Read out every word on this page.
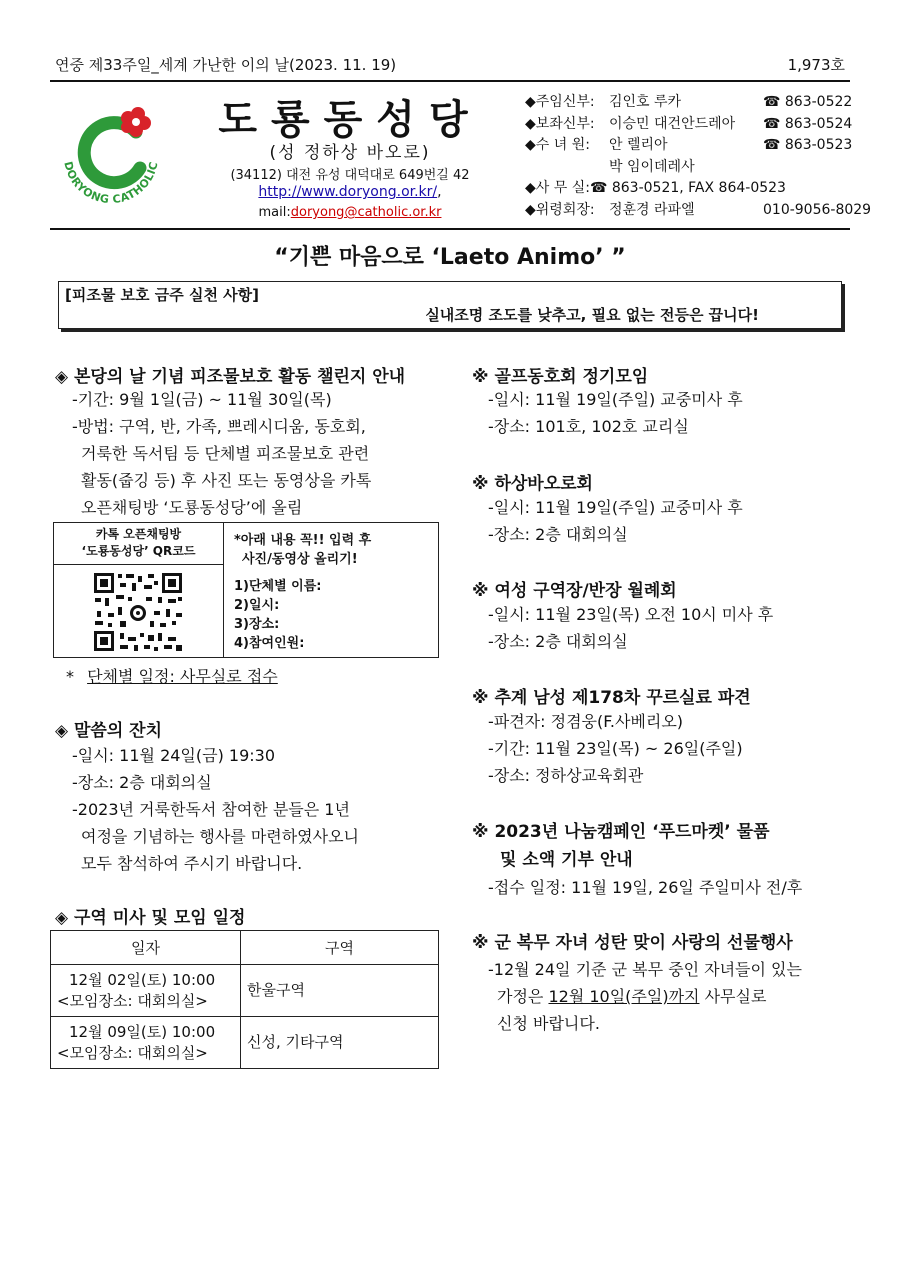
연중 제33주일_세계 가난한 이의 날(2023. 11. 19)	1,973호
DORYONG CATHOLIC
도룡동성당
(성 정하상 바오로)
(34112) 대전 유성 대덕대로 649번길 42
http://www.doryong.or.kr/,
mail:doryong@catholic.or.kr
◆주임신부:	김인호 루카	☎ 863-0522
◆보좌신부:	이승민 대건안드레아	☎ 863-0524
◆수 녀 원:	안 렐리아	☎ 863-0523
박 임이데레사
◆사 무 실: ☎ 863-0521, FAX 864-0523
◆위령회장:	정훈경 라파엘	010-9056-8029
“기쁜 마음으로 ‘Laeto Animo’ ”
[피조물 보호 금주 실천 사항]
실내조명 조도를 낮추고, 필요 없는 전등은 끕니다!
◈ 본당의 날 기념 피조물보호 활동 챌린지 안내
-기간: 9월 1일(금) ~ 11월 30일(목)
-방법: 구역, 반, 가족, 쁘레시디움, 동호회,
거룩한 독서팀 등 단체별 피조물보호 관련
활동(줍깅 등) 후 사진 또는 동영상을 카톡
오픈채팅방 ‘도룡동성당’에 올림
카톡 오픈채팅방
‘도룡동성당’ QR코드
*아래 내용 꼭!! 입력 후
사진/동영상 올리기!
1)단체별 이름:
2)일시:
3)장소:
4)참여인원:
* 단체별 일정: 사무실로 접수
◈ 말씀의 잔치
-일시: 11월 24일(금) 19:30
-장소: 2층 대회의실
-2023년 거룩한독서 참여한 분들은 1년
여정을 기념하는 행사를 마련하였사오니
모두 참석하여 주시기 바랍니다.
◈ 구역 미사 및 모임 일정
일자	구역

12월 02일(토) 10:00
<모임장소: 대회의실>	한울구역

12월 09일(토) 10:00
<모임장소: 대회의실>	신성, 기타구역
※ 골프동호회 정기모임
-일시: 11월 19일(주일) 교중미사 후
-장소: 101호, 102호 교리실
※ 하상바오로회
-일시: 11월 19일(주일) 교중미사 후
-장소: 2층 대회의실
※ 여성 구역장/반장 월례회
-일시: 11월 23일(목) 오전 10시 미사 후
-장소: 2층 대회의실
※ 추계 남성 제178차 꾸르실료 파견
-파견자: 정겸웅(F.사베리오)
-기간: 11월 23일(목) ~ 26일(주일)
-장소: 정하상교육회관
※ 2023년 나눔캠페인 ‘푸드마켓’ 물품
및 소액 기부 안내
-접수 일정: 11월 19일, 26일 주일미사 전/후
※ 군 복무 자녀 성탄 맞이 사랑의 선물행사
-12월 24일 기준 군 복무 중인 자녀들이 있는
가정은 12월 10일(주일)까지 사무실로
신청 바랍니다.
